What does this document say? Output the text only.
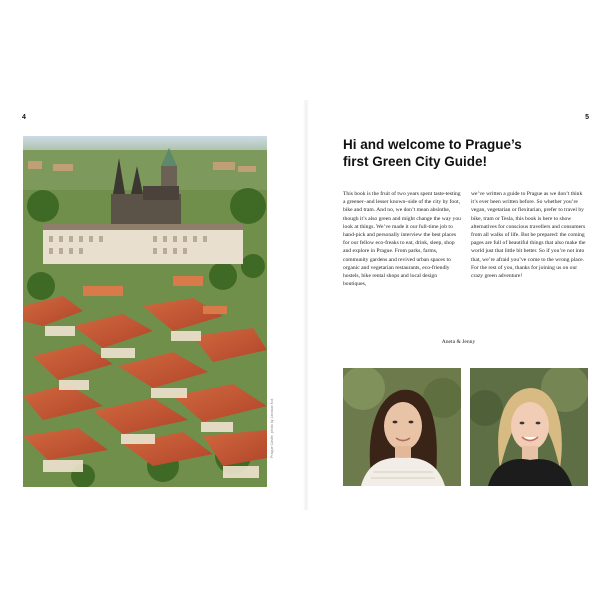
4
Prague Castle, photo by Jaroslav Kot
5
Hi and welcome to Prague’s
first Green City Guide!

This book is the fruit of two years spent taste-testing a greener–and lesser known–side of the city by foot, bike and tram. And no, we don’t mean absinthe, though it’s also green and might change the way you look at things. We’ve made it our full-time job to hand-pick and personally interview the best places for our fellow eco-freaks to eat, drink, sleep, shop and explore in Prague. From parks, farms, community gardens and revived urban spaces to organic and vegetarian restaurants, eco-friendly hostels, bike rental shops and local design boutiques,

we’ve written a guide to Prague as we don’t think it’s ever been written before. So whether you’re vegan, vegetarian or flexitarian, prefer to travel by bike, tram or Tesla, this book is here to show alternatives for conscious travellers and consumers from all walks of life. But be prepared: the coming pages are full of beautiful things that also make the world just that little bit better. So if you’re not into that, we’re afraid you’ve come to the wrong place. For the rest of you, thanks for joining us on our crazy green adventure!

Aneta & Jenny
